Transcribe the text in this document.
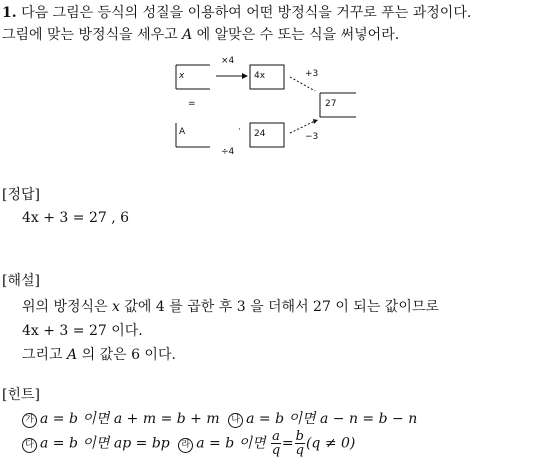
1. 다음 그림은 등식의 성질을 이용하여 어떤 방정식을 거꾸로 푸는 과정이다.
그림에 맞는 방정식을 세우고 A 에 알맞은 수 또는 식을 써넣어라.
x
×4
4x	+3
27
−3
=
A	· 24
÷4
[정답]
4x + 3 = 27 , 6
[해설]
위의 방정식은 x 값에 4 를 곱한 후 3 을 더해서 27 이 되는 값이므로
4x + 3 = 27 이다.
그리고 A 의 값은 6 이다.
[힌트]
가 a = b 이면 a + m = b + m 나 a = b 이면 a − n = b − n
다 a = b 이면 ap = bp 라 a = b 이면 $\frac{a}{q} = \frac{b}{q} (q \ne 0)$
